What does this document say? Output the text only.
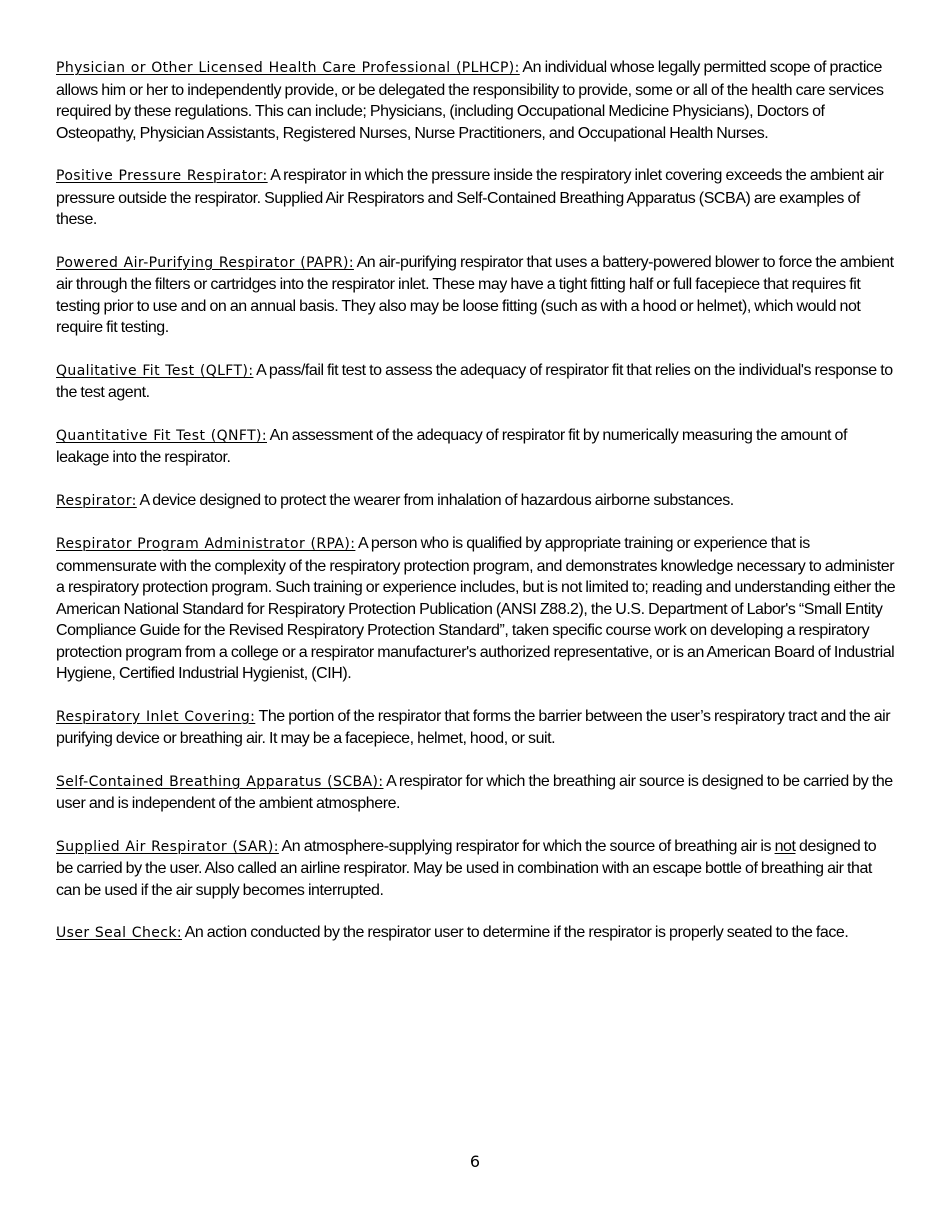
Physician or Other Licensed Health Care Professional (PLHCP): An individual whose legally permitted scope of practice allows him or her to independently provide, or be delegated the responsibility to provide, some or all of the health care services required by these regulations. This can include; Physicians, (including Occupational Medicine Physicians), Doctors of Osteopathy, Physician Assistants, Registered Nurses, Nurse Practitioners, and Occupational Health Nurses.

Positive Pressure Respirator: A respirator in which the pressure inside the respiratory inlet covering exceeds the ambient air pressure outside the respirator. Supplied Air Respirators and Self-Contained Breathing Apparatus (SCBA) are examples of these.

Powered Air-Purifying Respirator (PAPR): An air-purifying respirator that uses a battery-powered blower to force the ambient air through the filters or cartridges into the respirator inlet. These may have a tight fitting half or full facepiece that requires fit testing prior to use and on an annual basis. They also may be loose fitting (such as with a hood or helmet), which would not require fit testing.

Qualitative Fit Test (QLFT): A pass/fail fit test to assess the adequacy of respirator fit that relies on the individual's response to the test agent.

Quantitative Fit Test (QNFT): An assessment of the adequacy of respirator fit by numerically measuring the amount of leakage into the respirator.

Respirator: A device designed to protect the wearer from inhalation of hazardous airborne substances.

Respirator Program Administrator (RPA): A person who is qualified by appropriate training or experience that is commensurate with the complexity of the respiratory protection program, and demonstrates knowledge necessary to administer a respiratory protection program. Such training or experience includes, but is not limited to; reading and understanding either the American National Standard for Respiratory Protection Publication (ANSI Z88.2), the U.S. Department of Labor's “Small Entity Compliance Guide for the Revised Respiratory Protection Standard”, taken specific course work on developing a respiratory protection program from a college or a respirator manufacturer's authorized representative, or is an American Board of Industrial Hygiene, Certified Industrial Hygienist, (CIH).

Respiratory Inlet Covering: The portion of the respirator that forms the barrier between the user’s respiratory tract and the air purifying device or breathing air. It may be a facepiece, helmet, hood, or suit.

Self-Contained Breathing Apparatus (SCBA): A respirator for which the breathing air source is designed to be carried by the user and is independent of the ambient atmosphere.

Supplied Air Respirator (SAR): An atmosphere-supplying respirator for which the source of breathing air is not designed to be carried by the user. Also called an airline respirator. May be used in combination with an escape bottle of breathing air that can be used if the air supply becomes interrupted.

User Seal Check: An action conducted by the respirator user to determine if the respirator is properly seated to the face.

6
